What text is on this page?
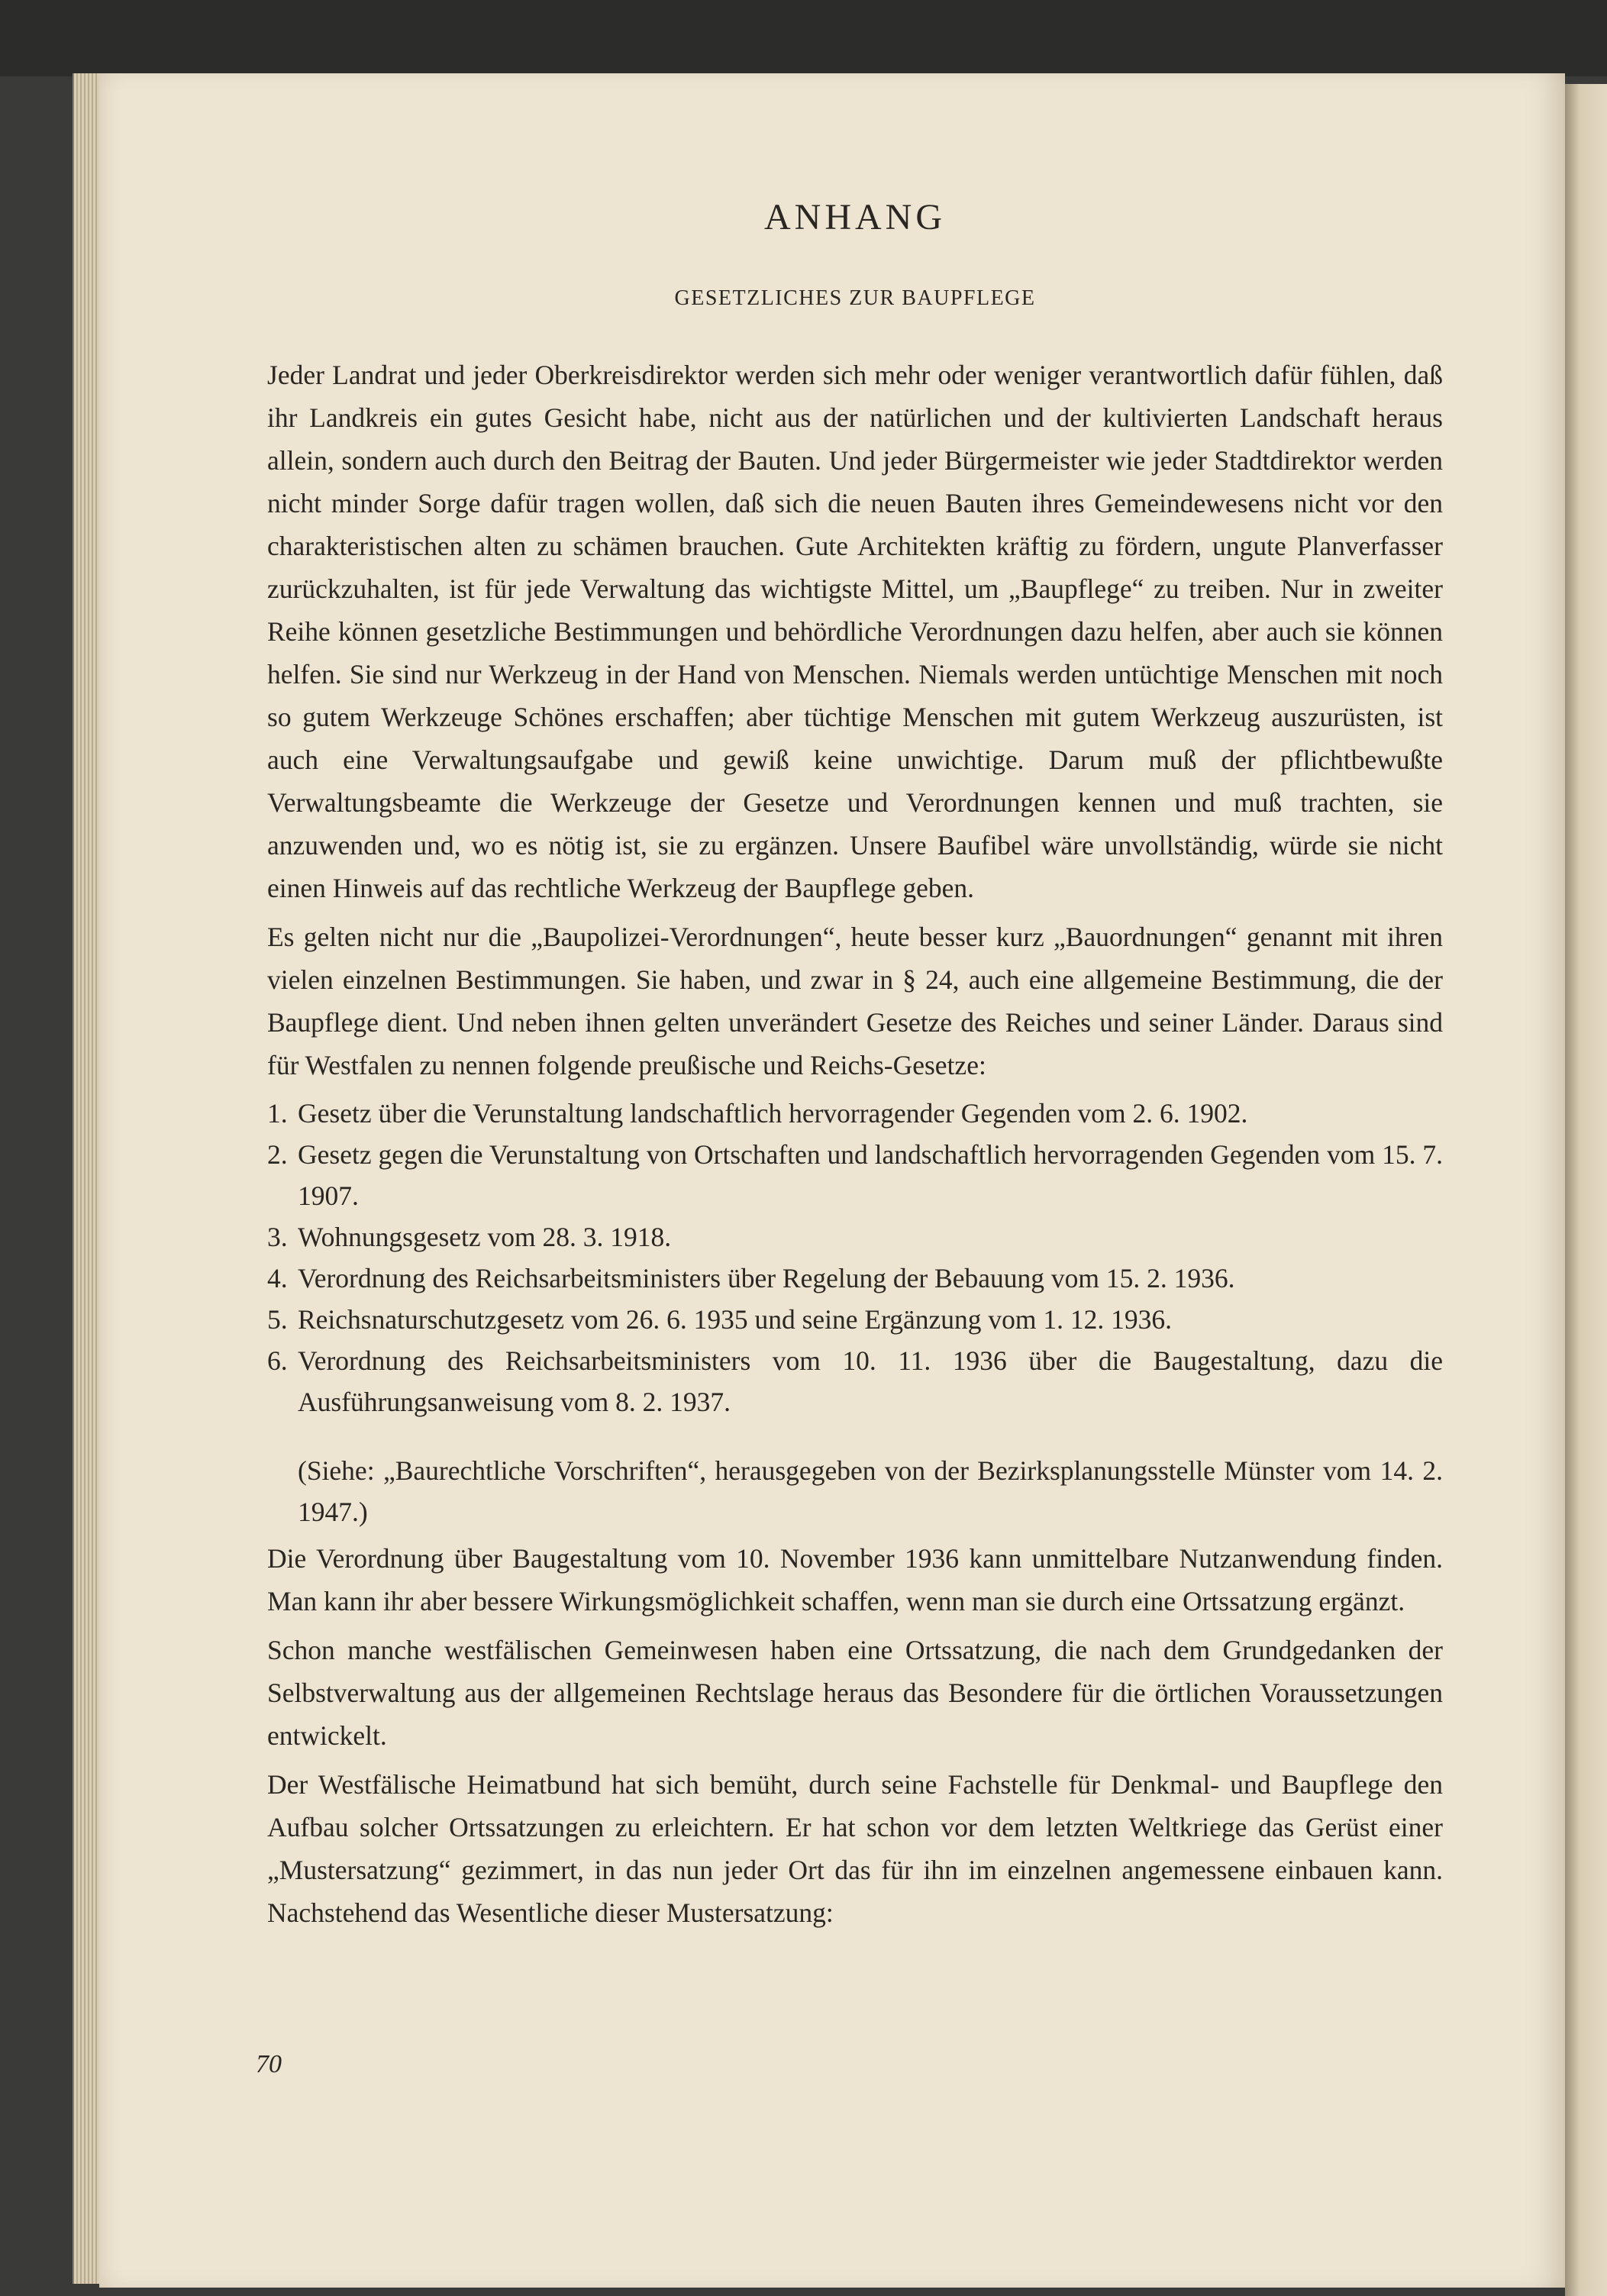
ANHANG
GESETZLICHES ZUR BAUPFLEGE

Jeder Landrat und jeder Oberkreisdirektor werden sich mehr oder weniger verantwortlich dafür fühlen, daß ihr Landkreis ein gutes Gesicht habe, nicht aus der natürlichen und der kultivierten Landschaft heraus allein, sondern auch durch den Beitrag der Bauten. Und jeder Bürgermeister wie jeder Stadtdirektor werden nicht minder Sorge dafür tragen wollen, daß sich die neuen Bauten ihres Gemeindewesens nicht vor den charakteristischen alten zu schämen brauchen. Gute Architekten kräftig zu fördern, ungute Planverfasser zurückzuhalten, ist für jede Verwaltung das wichtigste Mittel, um „Baupflege“ zu treiben. Nur in zweiter Reihe können gesetzliche Bestimmungen und behördliche Verordnungen dazu helfen, aber auch sie können helfen. Sie sind nur Werkzeug in der Hand von Menschen. Niemals werden untüchtige Menschen mit noch so gutem Werkzeuge Schönes erschaffen; aber tüchtige Menschen mit gutem Werkzeug auszurüsten, ist auch eine Verwaltungsaufgabe und gewiß keine unwichtige. Darum muß der pflichtbewußte Verwaltungsbeamte die Werkzeuge der Gesetze und Verordnungen kennen und muß trachten, sie anzuwenden und, wo es nötig ist, sie zu ergänzen. Unsere Baufibel wäre unvollständig, würde sie nicht einen Hinweis auf das rechtliche Werkzeug der Baupflege geben.

Es gelten nicht nur die „Baupolizei-Verordnungen“, heute besser kurz „Bauordnungen“ genannt mit ihren vielen einzelnen Bestimmungen. Sie haben, und zwar in § 24, auch eine allgemeine Bestimmung, die der Baupflege dient. Und neben ihnen gelten unverändert Gesetze des Reiches und seiner Länder. Daraus sind für Westfalen zu nennen folgende preußische und Reichs-Gesetze:

1. Gesetz über die Verunstaltung landschaftlich hervorragender Gegenden vom 2. 6. 1902.
2. Gesetz gegen die Verunstaltung von Ortschaften und landschaftlich hervorragenden Gegenden vom 15. 7. 1907.
3. Wohnungsgesetz vom 28. 3. 1918.
4. Verordnung des Reichsarbeitsministers über Regelung der Bebauung vom 15. 2. 1936.
5. Reichsnaturschutzgesetz vom 26. 6. 1935 und seine Ergänzung vom 1. 12. 1936.
6. Verordnung des Reichsarbeitsministers vom 10. 11. 1936 über die Baugestaltung, dazu die Ausführungsanweisung vom 8. 2. 1937.

(Siehe: „Baurechtliche Vorschriften“, herausgegeben von der Bezirksplanungsstelle Münster vom 14. 2. 1947.)

Die Verordnung über Baugestaltung vom 10. November 1936 kann unmittelbare Nutzanwendung finden. Man kann ihr aber bessere Wirkungsmöglichkeit schaffen, wenn man sie durch eine Ortssatzung ergänzt.

Schon manche westfälischen Gemeinwesen haben eine Ortssatzung, die nach dem Grundgedanken der Selbstverwaltung aus der allgemeinen Rechtslage heraus das Besondere für die örtlichen Voraussetzungen entwickelt.

Der Westfälische Heimatbund hat sich bemüht, durch seine Fachstelle für Denkmal- und Baupflege den Aufbau solcher Ortssatzungen zu erleichtern. Er hat schon vor dem letzten Weltkriege das Gerüst einer „Mustersatzung“ gezimmert, in das nun jeder Ort das für ihn im einzelnen angemessene einbauen kann. Nachstehend das Wesentliche dieser Mustersatzung:

70
